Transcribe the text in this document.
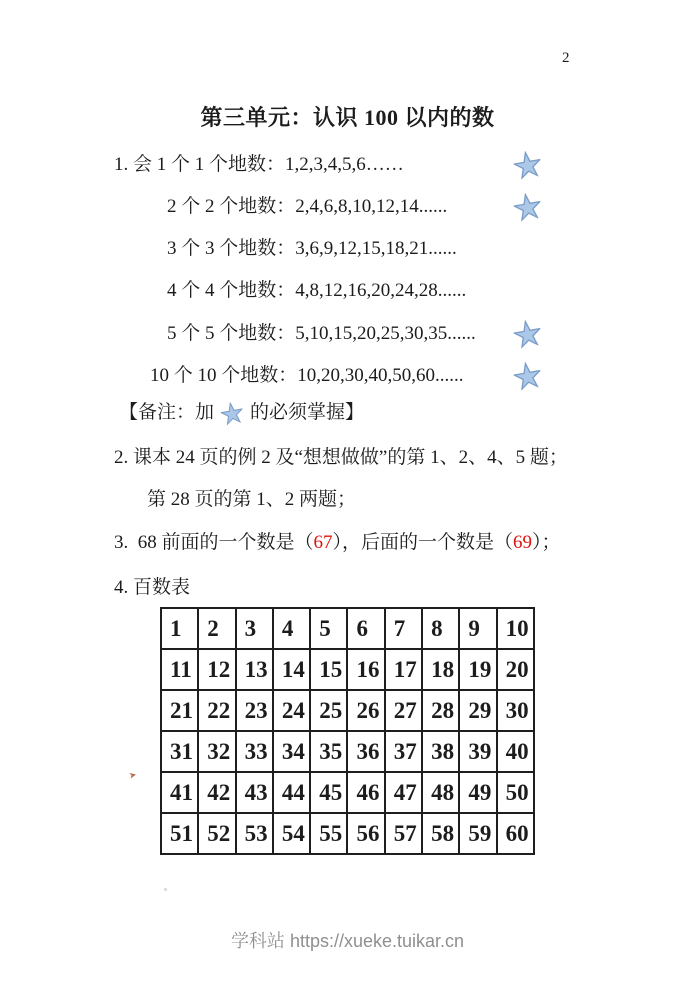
2
第三单元：认识 100 以内的数
1. 会 1 个 1 个地数：1,2,3,4,5,6……
2 个 2 个地数：2,4,6,8,10,12,14......
3 个 3 个地数：3,6,9,12,15,18,21......
4 个 4 个地数：4,8,12,16,20,24,28......
5 个 5 个地数：5,10,15,20,25,30,35......
10 个 10 个地数：10,20,30,40,50,60......
【备注：加 的必须掌握】
2. 课本 24 页的例 2 及“想想做做”的第 1、2、4、5 题；
第 28 页的第 1、2 两题；
3.  68 前面的一个数是（67），后面的一个数是（69）；
4. 百数表
1	2	3	4	5	6	7	8	9	10
11	12	13	14	15	16	17	18	19	20
21	22	23	24	25	26	27	28	29	30
31	32	33	34	35	36	37	38	39	40
41	42	43	44	45	46	47	48	49	50
51	52	53	54	55	56	57	58	59	60
➤
学科站 https://xueke.tuikar.cn
